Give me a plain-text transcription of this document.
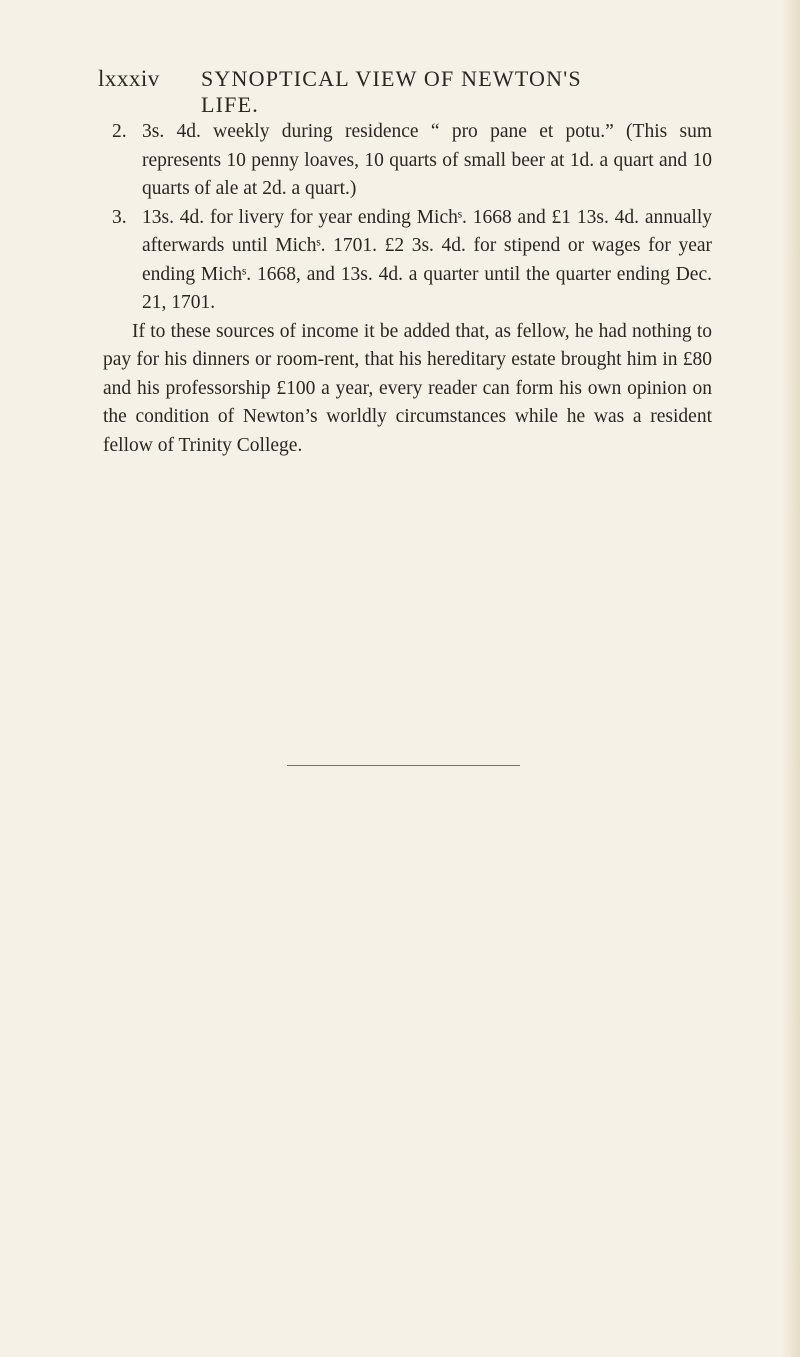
lxxxiv SYNOPTICAL VIEW OF NEWTON'S LIFE.
2. 3s. 4d. weekly during residence “ pro pane et potu.” (This sum represents 10 penny loaves, 10 quarts of small beer at 1d. a quart and 10 quarts of ale at 2d. a quart.)
3. 13s. 4d. for livery for year ending Michˢ. 1668 and £1 13s. 4d. annually afterwards until Michˢ. 1701. £2 3s. 4d. for stipend or wages for year ending Michˢ. 1668, and 13s. 4d. a quarter until the quarter ending Dec. 21, 1701.
If to these sources of income it be added that, as fellow, he had nothing to pay for his dinners or room-rent, that his hereditary estate brought him in £80 and his professorship £100 a year, every reader can form his own opinion on the condition of Newton’s worldly circumstances while he was a resident fellow of Trinity College.
